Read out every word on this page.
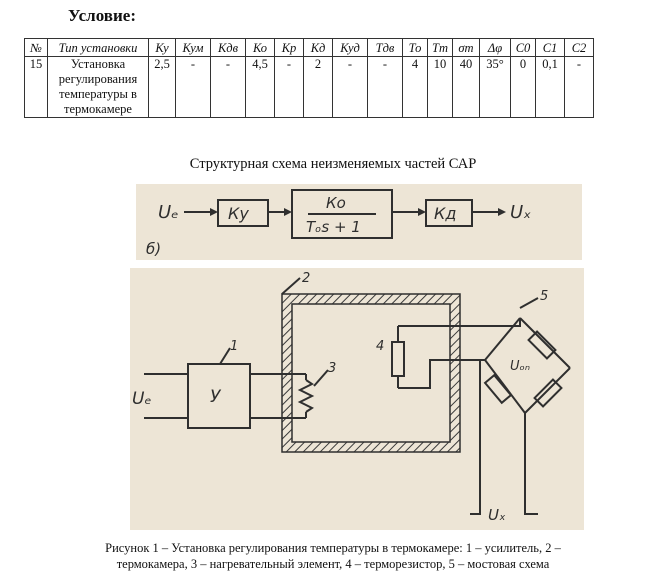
Условие:
№	Тип установки	Ку	Кум	Кдв	Ко	Кр	Кд	Куд	Тдв	То	Тт	σт	Δφ	С0	С1	С2
15	Установка регулирования температуры в термокамере	2,5	-	-	4,5	-	2	-	-	4	10	40	35°	0	0,1	-
Структурная схема неизменяемых частей САР
Uₑ	Ку
Ко
Тₒs + 1
Кд	Uₓ
б)
2
У
1
Uₑ
3
4
5
Uₒₙ
Uₓ
Рисунок 1 – Установка регулирования температуры в термокамере: 1 – усилитель, 2 –
термокамера, 3 – нагревательный элемент, 4 – терморезистор, 5 – мостовая схема
